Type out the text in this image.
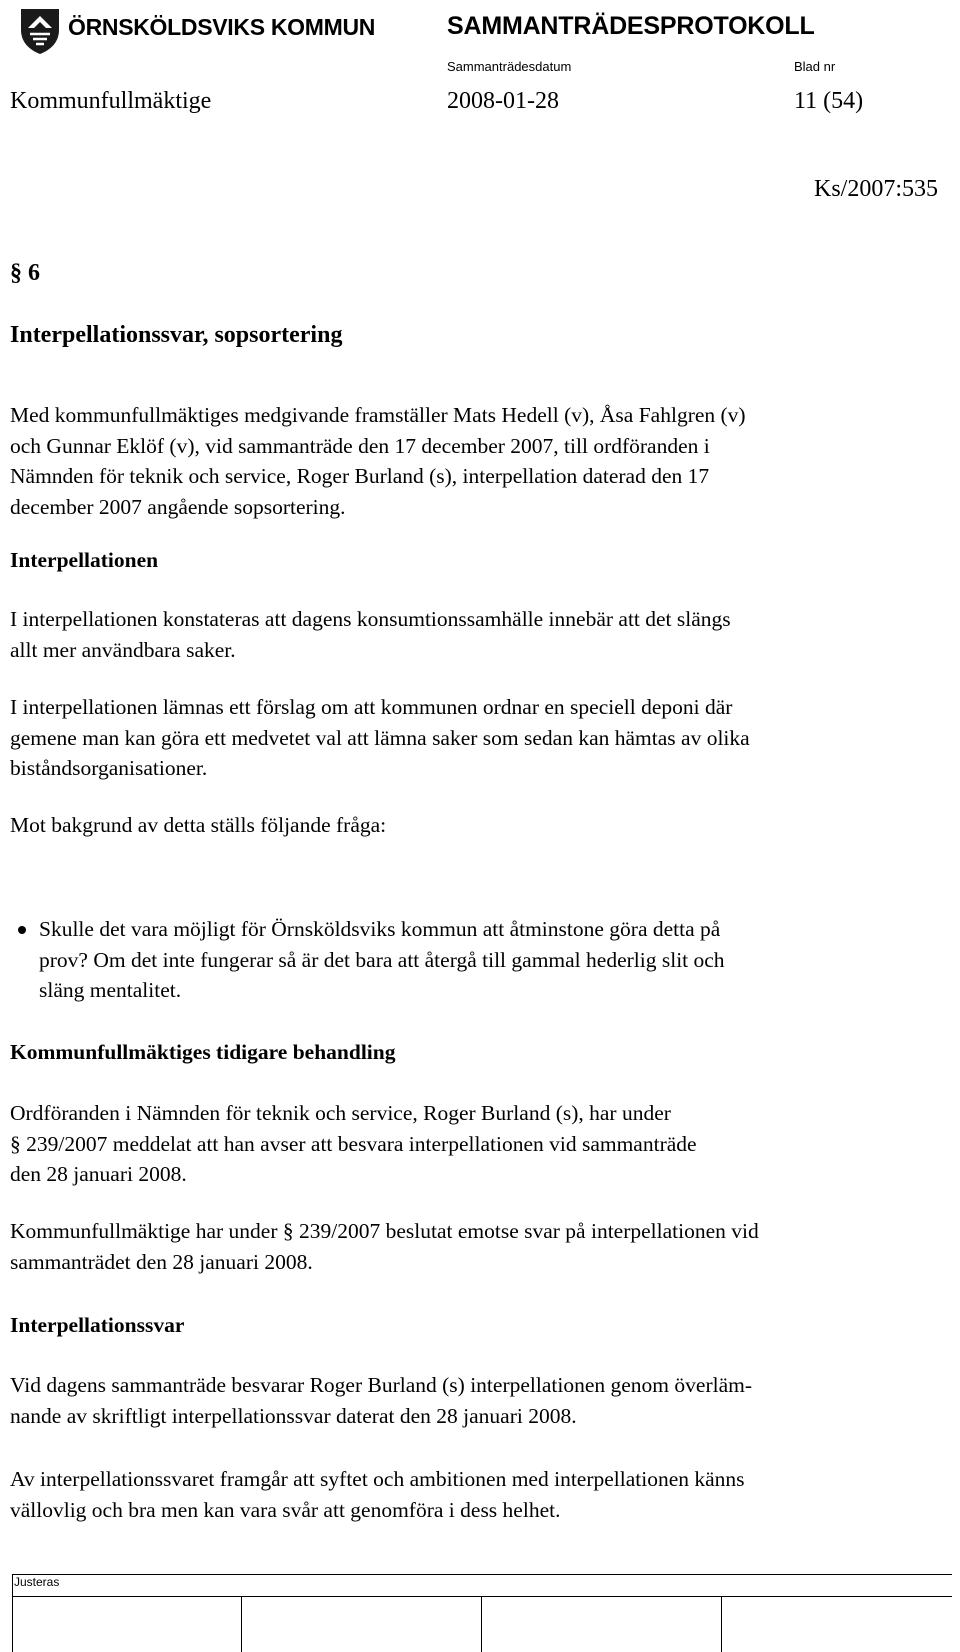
ÖRNSKÖLDSVIKS KOMMUN	SAMMANTRÄDESPROTOKOLL
Sammanträdesdatum	Blad nr
Kommunfullmäktige	2008-01-28	11 (54)
Ks/2007:535
§ 6
Interpellationssvar, sopsortering
Med kommunfullmäktiges medgivande framställer Mats Hedell (v), Åsa Fahlgren (v)
och Gunnar Eklöf (v), vid sammanträde den 17 december 2007, till ordföranden i
Nämnden för teknik och service, Roger Burland (s), interpellation daterad den 17
december 2007 angående sopsortering.
Interpellationen
I interpellationen konstateras att dagens konsumtionssamhälle innebär att det slängs
allt mer användbara saker.
I interpellationen lämnas ett förslag om att kommunen ordnar en speciell deponi där
gemene man kan göra ett medvetet val att lämna saker som sedan kan hämtas av olika
biståndsorganisationer.
Mot bakgrund av detta ställs följande fråga:
Skulle det vara möjligt för Örnsköldsviks kommun att åtminstone göra detta på
prov? Om det inte fungerar så är det bara att återgå till gammal hederlig slit och
släng mentalitet.
Kommunfullmäktiges tidigare behandling
Ordföranden i Nämnden för teknik och service, Roger Burland (s), har under
§ 239/2007 meddelat att han avser att besvara interpellationen vid sammanträde
den 28 januari 2008.
Kommunfullmäktige har under § 239/2007 beslutat emotse svar på interpellationen vid
sammanträdet den 28 januari 2008.
Interpellationssvar
Vid dagens sammanträde besvarar Roger Burland (s) interpellationen genom överläm-
nande av skriftligt interpellationssvar daterat den 28 januari 2008.
Av interpellationssvaret framgår att syftet och ambitionen med interpellationen känns
vällovlig och bra men kan vara svår att genomföra i dess helhet.
Justeras
